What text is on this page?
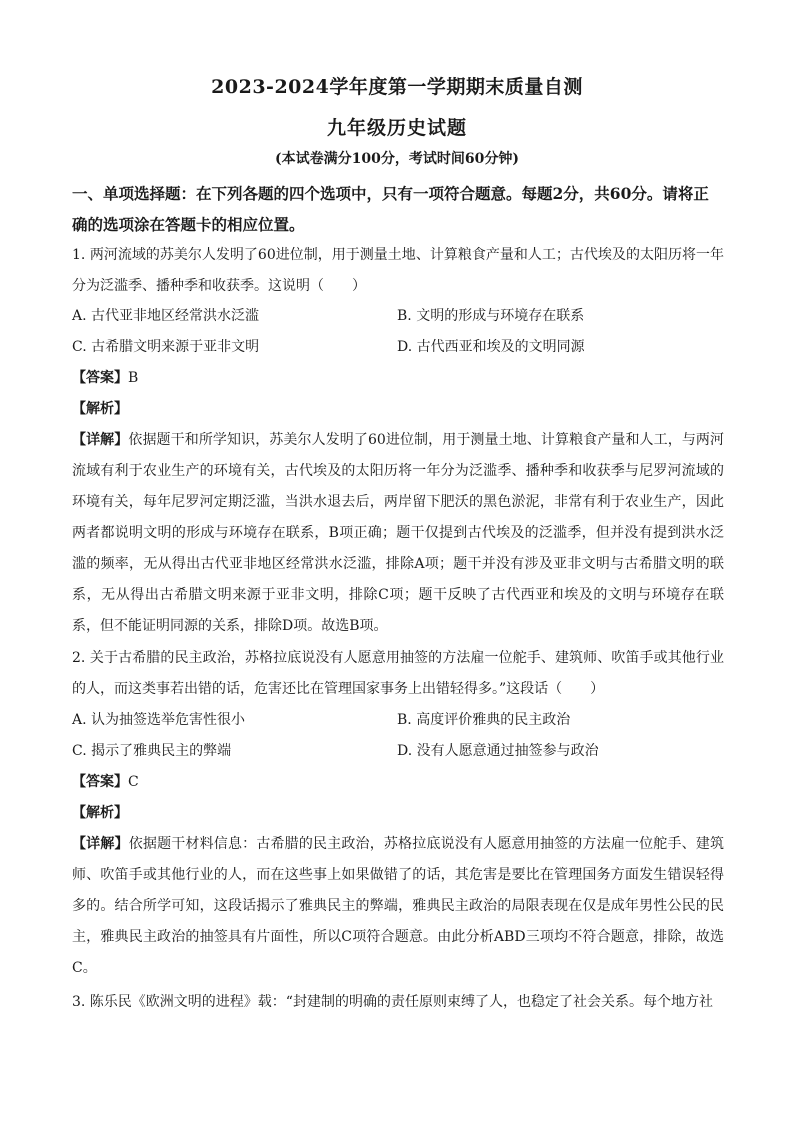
2023-2024学年度第一学期期末质量自测
九年级历史试题
(本试卷满分100分，考试时间60分钟)
一、单项选择题：在下列各题的四个选项中，只有一项符合题意。每题2分，共60分。请将正确的选项涂在答题卡的相应位置。
1. 两河流域的苏美尔人发明了60进位制，用于测量土地、计算粮食产量和人工；古代埃及的太阳历将一年分为泛滥季、播种季和收获季。这说明（　　）
A. 古代亚非地区经常洪水泛滥	B. 文明的形成与环境存在联系
C. 古希腊文明来源于亚非文明	D. 古代西亚和埃及的文明同源
【答案】B
【解析】
【详解】依据题干和所学知识，苏美尔人发明了60进位制，用于测量土地、计算粮食产量和人工，与两河流域有利于农业生产的环境有关，古代埃及的太阳历将一年分为泛滥季、播种季和收获季与尼罗河流域的环境有关，每年尼罗河定期泛滥，当洪水退去后，两岸留下肥沃的黑色淤泥，非常有利于农业生产，因此两者都说明文明的形成与环境存在联系，B项正确；题干仅提到古代埃及的泛滥季，但并没有提到洪水泛滥的频率，无从得出古代亚非地区经常洪水泛滥，排除A项；题干并没有涉及亚非文明与古希腊文明的联系，无从得出古希腊文明来源于亚非文明，排除C项；题干反映了古代西亚和埃及的文明与环境存在联系，但不能证明同源的关系，排除D项。故选B项。
2. 关于古希腊的民主政治，苏格拉底说没有人愿意用抽签的方法雇一位舵手、建筑师、吹笛手或其他行业的人，而这类事若出错的话，危害还比在管理国家事务上出错轻得多。”这段话（　　）
A. 认为抽签选举危害性很小	B. 高度评价雅典的民主政治
C. 揭示了雅典民主的弊端	D. 没有人愿意通过抽签参与政治
【答案】C
【解析】
【详解】依据题干材料信息：古希腊的民主政治，苏格拉底说没有人愿意用抽签的方法雇一位舵手、建筑师、吹笛手或其他行业的人，而在这些事上如果做错了的话，其危害是要比在管理国务方面发生错误轻得多的。结合所学可知，这段话揭示了雅典民主的弊端，雅典民主政治的局限表现在仅是成年男性公民的民主，雅典民主政治的抽签具有片面性，所以C项符合题意。由此分析ABD三项均不符合题意，排除，故选C。
3. 陈乐民《欧洲文明的进程》载：“封建制的明确的责任原则束缚了人，也稳定了社会关系。每个地方社
